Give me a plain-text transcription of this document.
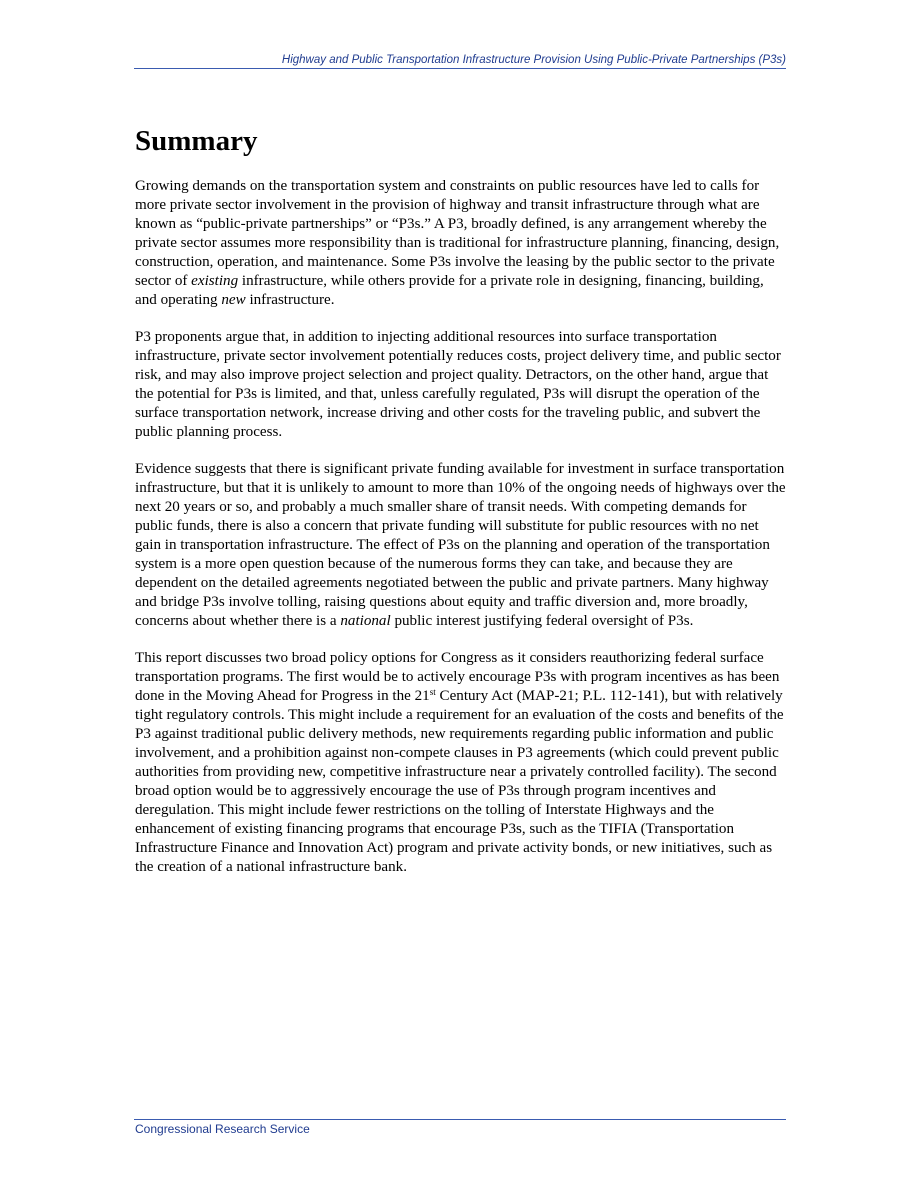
Highway and Public Transportation Infrastructure Provision Using Public-Private Partnerships (P3s)
Summary

Growing demands on the transportation system and constraints on public resources have led to calls for more private sector involvement in the provision of highway and transit infrastructure through what are known as “public-private partnerships” or “P3s.” A P3, broadly defined, is any arrangement whereby the private sector assumes more responsibility than is traditional for infrastructure planning, financing, design, construction, operation, and maintenance. Some P3s involve the leasing by the public sector to the private sector of existing infrastructure, while others provide for a private role in designing, financing, building, and operating new infrastructure.

P3 proponents argue that, in addition to injecting additional resources into surface transportation infrastructure, private sector involvement potentially reduces costs, project delivery time, and public sector risk, and may also improve project selection and project quality. Detractors, on the other hand, argue that the potential for P3s is limited, and that, unless carefully regulated, P3s will disrupt the operation of the surface transportation network, increase driving and other costs for the traveling public, and subvert the public planning process.

Evidence suggests that there is significant private funding available for investment in surface transportation infrastructure, but that it is unlikely to amount to more than 10% of the ongoing needs of highways over the next 20 years or so, and probably a much smaller share of transit needs. With competing demands for public funds, there is also a concern that private funding will substitute for public resources with no net gain in transportation infrastructure. The effect of P3s on the planning and operation of the transportation system is a more open question because of the numerous forms they can take, and because they are dependent on the detailed agreements negotiated between the public and private partners. Many highway and bridge P3s involve tolling, raising questions about equity and traffic diversion and, more broadly, concerns about whether there is a national public interest justifying federal oversight of P3s.

This report discusses two broad policy options for Congress as it considers reauthorizing federal surface transportation programs. The first would be to actively encourage P3s with program incentives as has been done in the Moving Ahead for Progress in the 21st Century Act (MAP-21; P.L. 112-141), but with relatively tight regulatory controls. This might include a requirement for an evaluation of the costs and benefits of the P3 against traditional public delivery methods, new requirements regarding public information and public involvement, and a prohibition against non-compete clauses in P3 agreements (which could prevent public authorities from providing new, competitive infrastructure near a privately controlled facility). The second broad option would be to aggressively encourage the use of P3s through program incentives and deregulation. This might include fewer restrictions on the tolling of Interstate Highways and the enhancement of existing financing programs that encourage P3s, such as the TIFIA (Transportation Infrastructure Finance and Innovation Act) program and private activity bonds, or new initiatives, such as the creation of a national infrastructure bank.

Congressional Research Service
